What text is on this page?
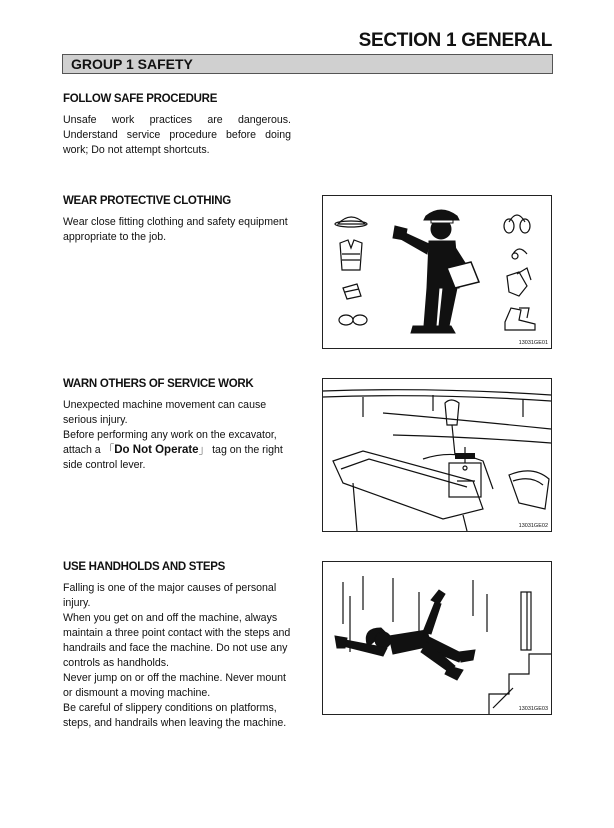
SECTION 1 GENERAL
GROUP 1 SAFETY
FOLLOW SAFE PROCEDURE

Unsafe work practices are dangerous. Understand service procedure before doing work; Do not attempt shortcuts.

WEAR PROTECTIVE CLOTHING

Wear close fitting clothing and safety equipment appropriate to the job.

13031GE01
WARN OTHERS OF SERVICE WORK

Unexpected machine movement can cause serious injury.

Before performing any work on the excavator, attach a 「Do Not Operate」 tag on the right side control lever.

13031GE02
USE HANDHOLDS AND STEPS

Falling is one of the major causes of personal injury.

When you get on and off the machine, always maintain a three point contact with the steps and handrails and face the machine. Do not use any controls as handholds.

Never jump on or off the machine. Never mount or dismount a moving machine.

Be careful of slippery conditions on platforms, steps, and handrails when leaving the machine.

13031GE03
